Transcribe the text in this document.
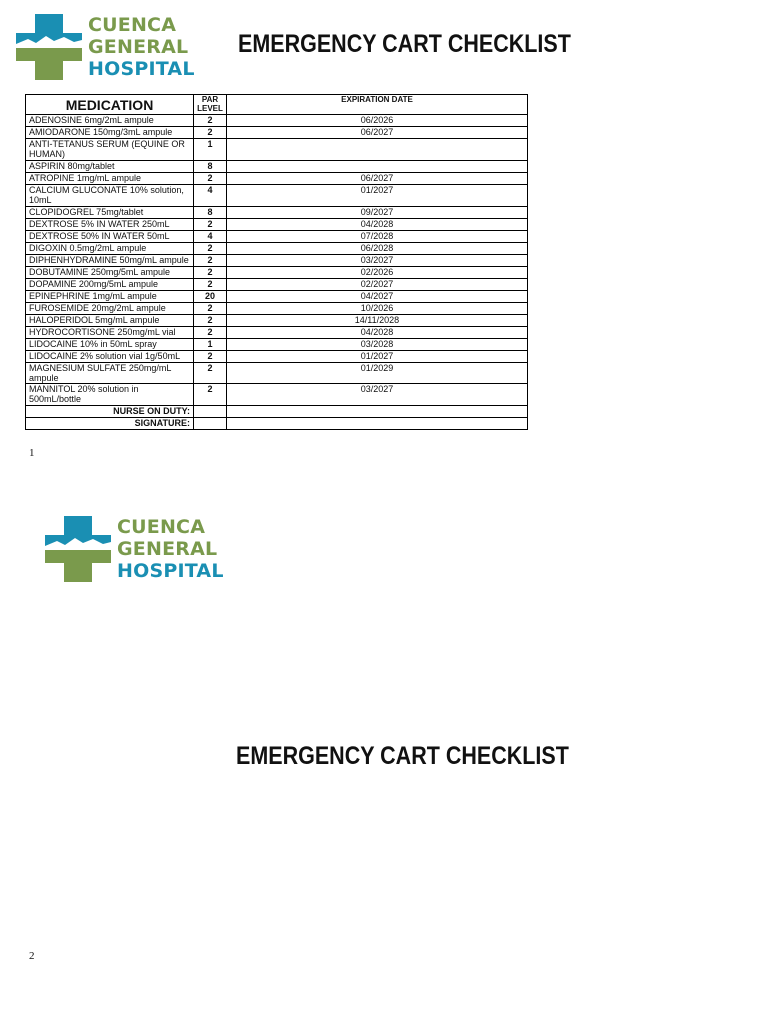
CUENCA
GENERAL
HOSPITAL
EMERGENCY CART CHECKLIST
MEDICATION	PAR LEVEL	EXPIRATION DATE
ADENOSINE 6mg/2mL ampule	2	06/2026
AMIODARONE 150mg/3mL ampule	2	06/2027
ANTI-TETANUS SERUM (EQUINE OR HUMAN)	1	
ASPIRIN 80mg/tablet	8	
ATROPINE 1mg/mL ampule	2	06/2027
CALCIUM GLUCONATE 10% solution, 10mL	4	01/2027
CLOPIDOGREL 75mg/tablet	8	09/2027
DEXTROSE 5% IN WATER 250mL	2	04/2028
DEXTROSE 50% IN WATER 50mL	4	07/2028
DIGOXIN 0.5mg/2mL ampule	2	06/2028
DIPHENHYDRAMINE 50mg/mL ampule	2	03/2027
DOBUTAMINE 250mg/5mL ampule	2	02/2026
DOPAMINE 200mg/5mL ampule	2	02/2027
EPINEPHRINE 1mg/mL ampule	20	04/2027
FUROSEMIDE 20mg/2mL ampule	2	10/2026
HALOPERIDOL 5mg/mL ampule	2	14/11/2028
HYDROCORTISONE 250mg/mL vial	2	04/2028
LIDOCAINE 10% in 50mL spray	1	03/2028
LIDOCAINE 2% solution vial 1g/50mL	2	01/2027
MAGNESIUM SULFATE 250mg/mL ampule	2	01/2029
MANNITOL 20% solution in 500mL/bottle	2	03/2027
NURSE ON DUTY:		
SIGNATURE:		
1
CUENCA
GENERAL
HOSPITAL
EMERGENCY CART CHECKLIST
2
